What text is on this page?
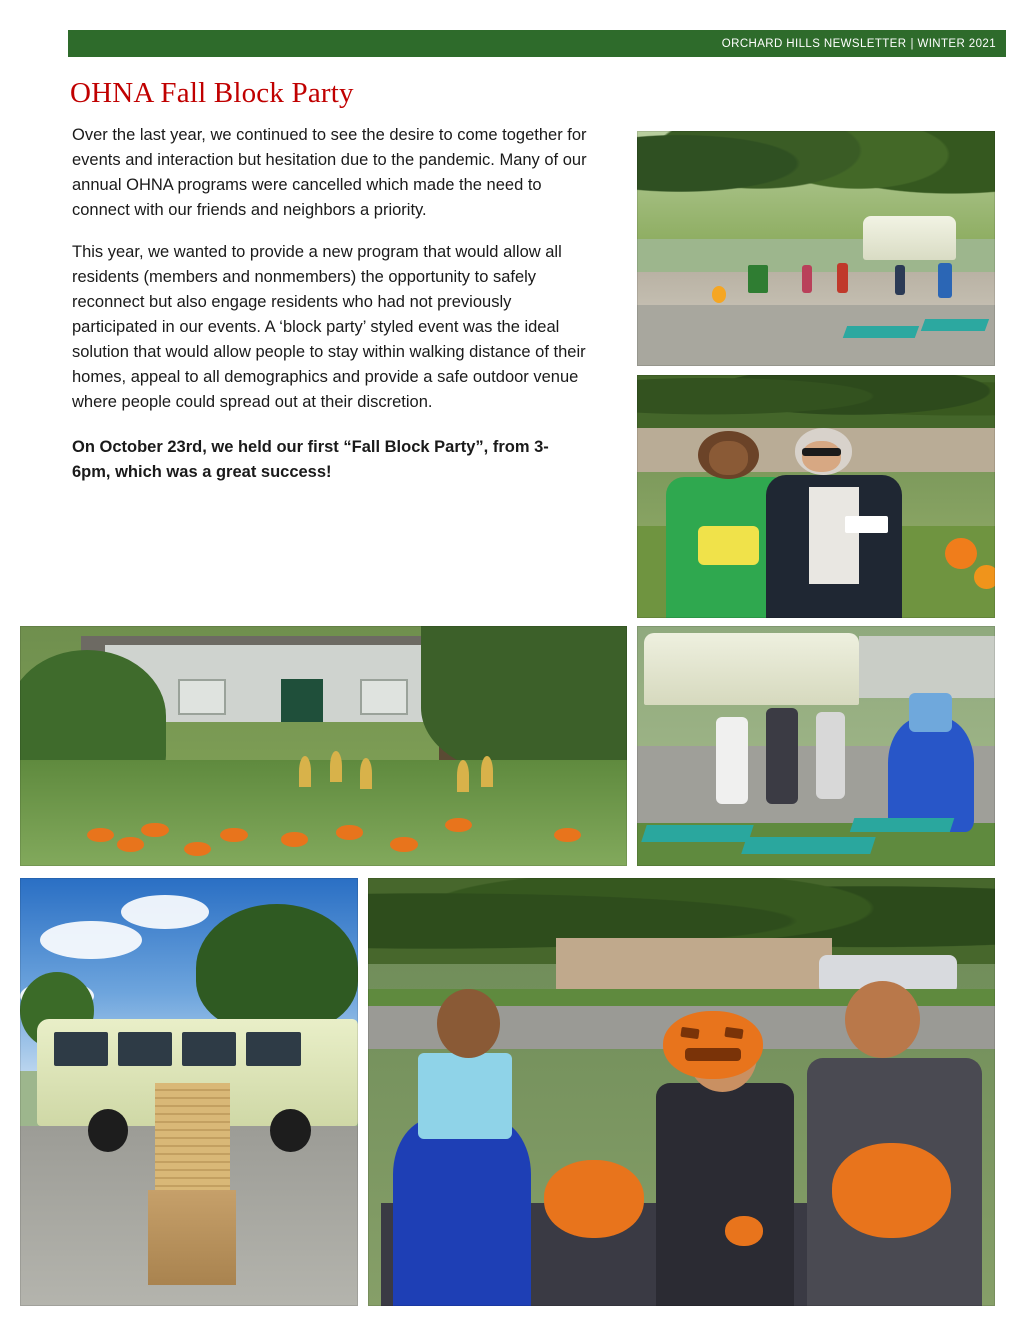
ORCHARD HILLS NEWSLETTER | WINTER 2021
OHNA Fall Block Party

Over the last year, we continued to see the desire to come together for events and interaction but hesitation due to the pandemic. Many of our annual OHNA programs were cancelled which made the need to connect with our friends and neighbors a priority.

This year, we wanted to provide a new program that would allow all residents (members and nonmembers) the opportunity to safely reconnect but also engage residents who had not previously participated in our events. A ‘block party’ styled event was the ideal solution that would allow people to stay within walking distance of their homes, appeal to all demographics and provide a safe outdoor venue where people could spread out at their discretion.

On October 23rd, we held our first “Fall Block Party”, from 3-6pm, which was a great success!
